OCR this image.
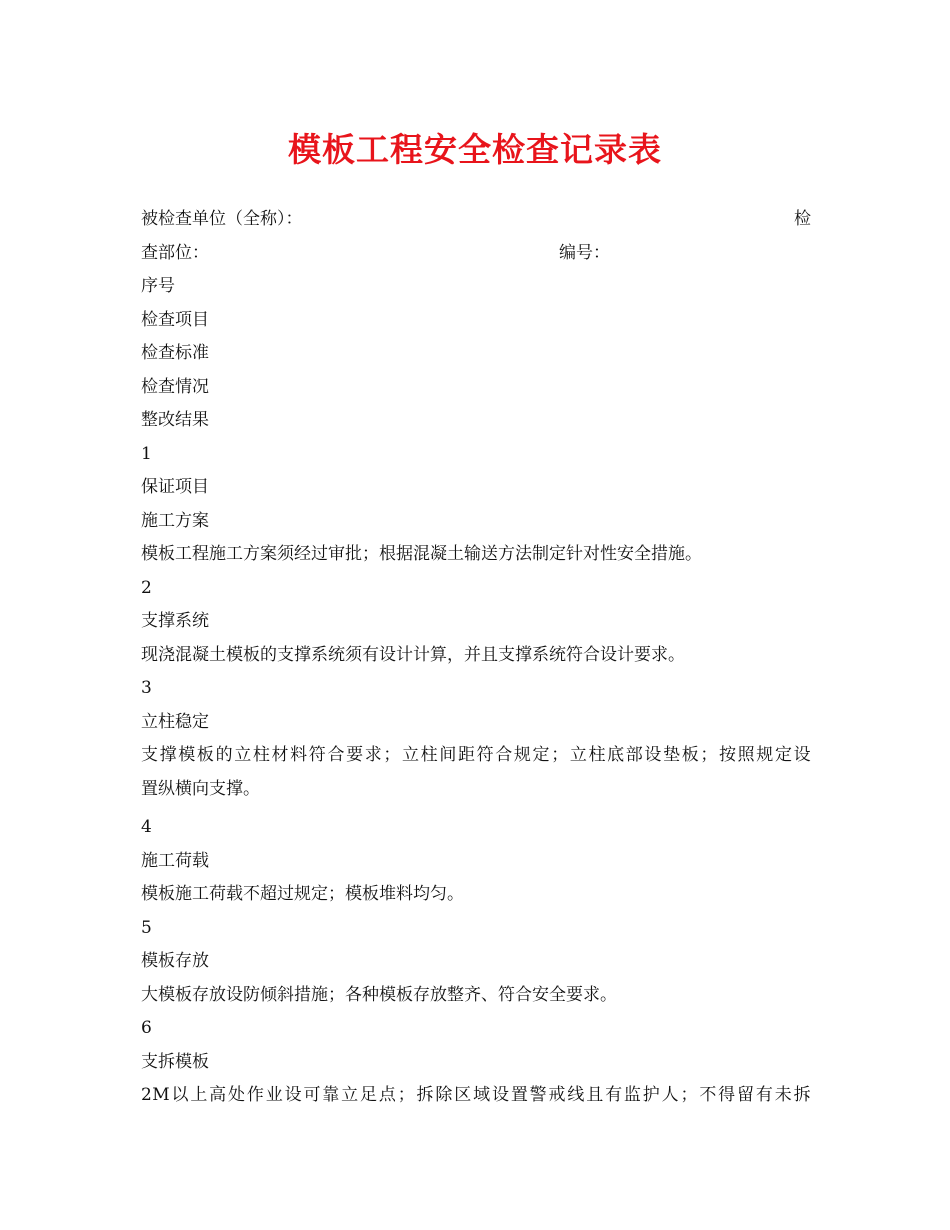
模板工程安全检查记录表
被检查单位（全称）：	检
查部位：	编号：
序号
检查项目
检查标准
检查情况
整改结果
1
保证项目
施工方案
模板工程施工方案须经过审批；根据混凝土输送方法制定针对性安全措施。
2
支撑系统
现浇混凝土模板的支撑系统须有设计计算，并且支撑系统符合设计要求。
3
立柱稳定
支撑模板的立柱材料符合要求；立柱间距符合规定；立柱底部设垫板；按照规定设
置纵横向支撑。
4
施工荷载
模板施工荷载不超过规定；模板堆料均匀。
5
模板存放
大模板存放设防倾斜措施；各种模板存放整齐、符合安全要求。
6
支拆模板
2M以上高处作业设可靠立足点；拆除区域设置警戒线且有监护人；不得留有未拆
